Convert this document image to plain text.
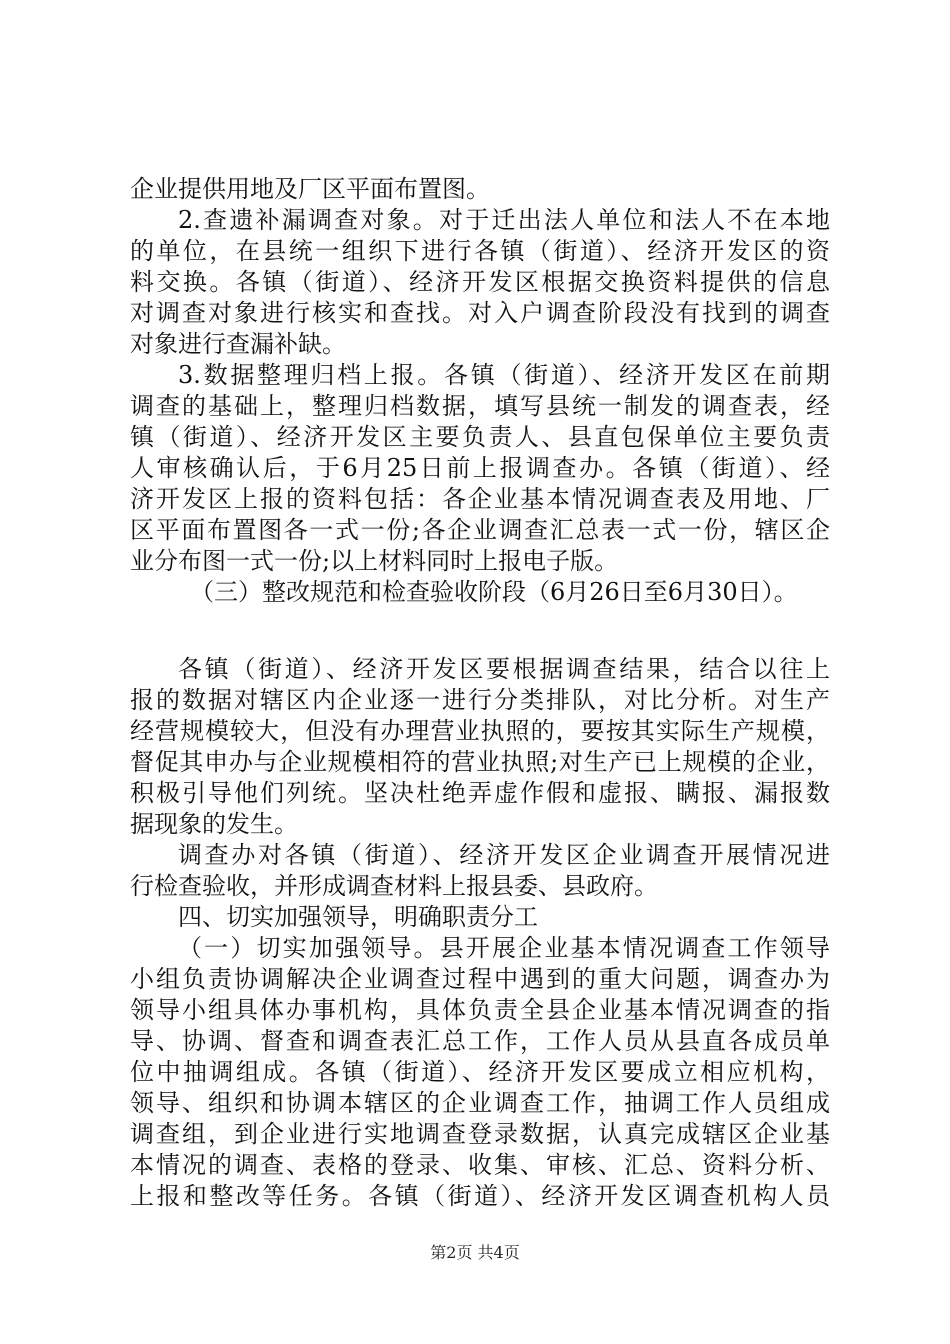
企业提供用地及厂区平面布置图。
2.查遗补漏调查对象。对于迁出法人单位和法人不在本地
的单位，在县统一组织下进行各镇（街道）、经济开发区的资
料交换。各镇（街道）、经济开发区根据交换资料提供的信息
对调查对象进行核实和查找。对入户调查阶段没有找到的调查
对象进行查漏补缺。
3.数据整理归档上报。各镇（街道）、经济开发区在前期
调查的基础上，整理归档数据，填写县统一制发的调查表，经
镇（街道）、经济开发区主要负责人、县直包保单位主要负责
人审核确认后，于6月25日前上报调查办。各镇（街道）、经
济开发区上报的资料包括：各企业基本情况调查表及用地、厂
区平面布置图各一式一份;各企业调查汇总表一式一份，辖区企
业分布图一式一份;以上材料同时上报电子版。
（三）整改规范和检查验收阶段（6月26日至6月30日）。
各镇（街道）、经济开发区要根据调查结果，结合以往上
报的数据对辖区内企业逐一进行分类排队，对比分析。对生产
经营规模较大，但没有办理营业执照的，要按其实际生产规模，
督促其申办与企业规模相符的营业执照;对生产已上规模的企业，
积极引导他们列统。坚决杜绝弄虚作假和虚报、瞒报、漏报数
据现象的发生。
调查办对各镇（街道）、经济开发区企业调查开展情况进
行检查验收，并形成调查材料上报县委、县政府。
四、切实加强领导，明确职责分工
（一）切实加强领导。县开展企业基本情况调查工作领导
小组负责协调解决企业调查过程中遇到的重大问题，调查办为
领导小组具体办事机构，具体负责全县企业基本情况调查的指
导、协调、督查和调查表汇总工作，工作人员从县直各成员单
位中抽调组成。各镇（街道）、经济开发区要成立相应机构，
领导、组织和协调本辖区的企业调查工作，抽调工作人员组成
调查组，到企业进行实地调查登录数据，认真完成辖区企业基
本情况的调查、表格的登录、收集、审核、汇总、资料分析、
上报和整改等任务。各镇（街道）、经济开发区调查机构人员
第2页 共4页
